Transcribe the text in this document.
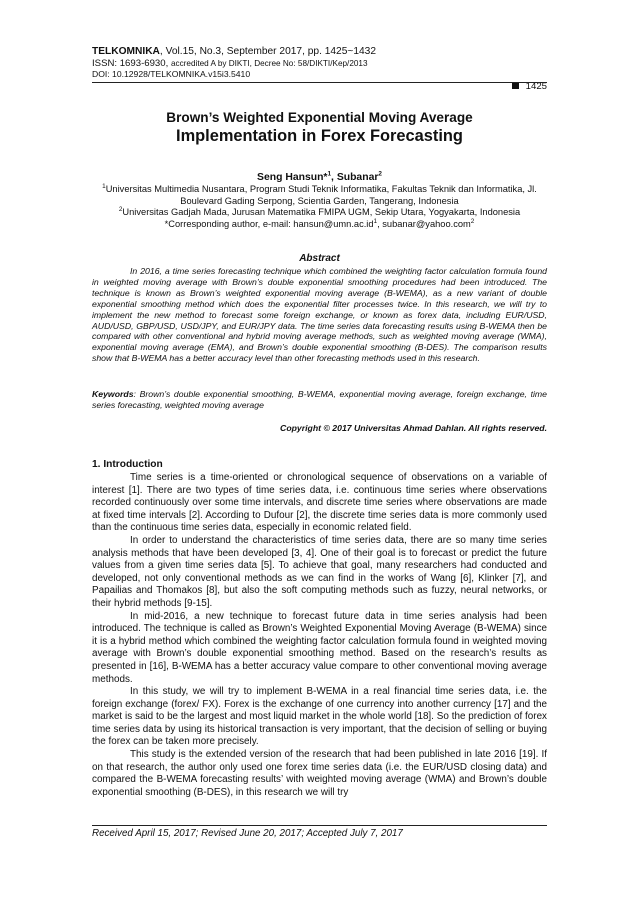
TELKOMNIKA, Vol.15, No.3, September 2017, pp. 1425~1432
ISSN: 1693-6930, accredited A by DIKTI, Decree No: 58/DIKTI/Kep/2013
DOI: 10.12928/TELKOMNIKA.v15i3.5410
1425
Brown’s Weighted Exponential Moving Average
Implementation in Forex Forecasting
Seng Hansun*$^1$, Subanar$^2$
$^1$Universitas Multimedia Nusantara, Program Studi Teknik Informatika, Fakultas Teknik dan Informatika, Jl.
Boulevard Gading Serpong, Scientia Garden, Tangerang, Indonesia
$^2$Universitas Gadjah Mada, Jurusan Matematika FMIPA UGM, Sekip Utara, Yogyakarta, Indonesia
*Corresponding author, e-mail: $hansun@umn.ac.id^1$, subanar@yahoo.com$^2$
Abstract

In 2016, a time series forecasting technique which combined the weighting factor calculation formula found in weighted moving average with Brown’s double exponential smoothing procedures had been introduced. The technique is known as Brown’s weighted exponential moving average (B-WEMA), as a new variant of double exponential smoothing method which does the exponential filter processes twice. In this research, we will try to implement the new method to forecast some foreign exchange, or known as forex data, including EUR/USD, AUD/USD, GBP/USD, USD/JPY, and EUR/JPY data. The time series data forecasting results using B-WEMA then be compared with other conventional and hybrid moving average methods, such as weighted moving average (WMA), exponential moving average (EMA), and Brown’s double exponential smoothing (B-DES). The comparison results show that B-WEMA has a better accuracy level than other forecasting methods used in this research.

Keywords: Brown’s double exponential smoothing, B-WEMA, exponential moving average, foreign exchange, time series forecasting, weighted moving average

Copyright © 2017 Universitas Ahmad Dahlan. All rights reserved.
1. Introduction

Time series is a time-oriented or chronological sequence of observations on a variable of interest [1]. There are two types of time series data, i.e. continuous time series where observations recorded continuously over some time intervals, and discrete time series where observations are made at fixed time intervals [2]. According to Dufour [2], the discrete time series data is more commonly used than the continuous time series data, especially in economic related field.

In order to understand the characteristics of time series data, there are so many time series analysis methods that have been developed [3, 4]. One of their goal is to forecast or predict the future values from a given time series data [5]. To achieve that goal, many researchers had conducted and developed, not only conventional methods as we can find in the works of Wang [6], Klinker [7], and Papailias and Thomakos [8], but also the soft computing methods such as fuzzy, neural networks, or their hybrid methods [9-15].

In mid-2016, a new technique to forecast future data in time series analysis had been introduced. The technique is called as Brown’s Weighted Exponential Moving Average (B-WEMA) since it is a hybrid method which combined the weighting factor calculation formula found in weighted moving average with Brown’s double exponential smoothing method. Based on the research’s results as presented in [16], B-WEMA has a better accuracy value compare to other conventional moving average methods.

In this study, we will try to implement B-WEMA in a real financial time series data, i.e. the foreign exchange (forex/ FX). Forex is the exchange of one currency into another currency [17] and the market is said to be the largest and most liquid market in the whole world [18]. So the prediction of forex time series data by using its historical transaction is very important, that the decision of selling or buying the forex can be taken more precisely.

This study is the extended version of the research that had been published in late 2016 [19]. If on that research, the author only used one forex time series data (i.e. the EUR/USD closing data) and compared the B-WEMA forecasting results’ with weighted moving average (WMA) and Brown’s double exponential smoothing (B-DES), in this research we will try

Received April 15, 2017; Revised June 20, 2017; Accepted July 7, 2017
